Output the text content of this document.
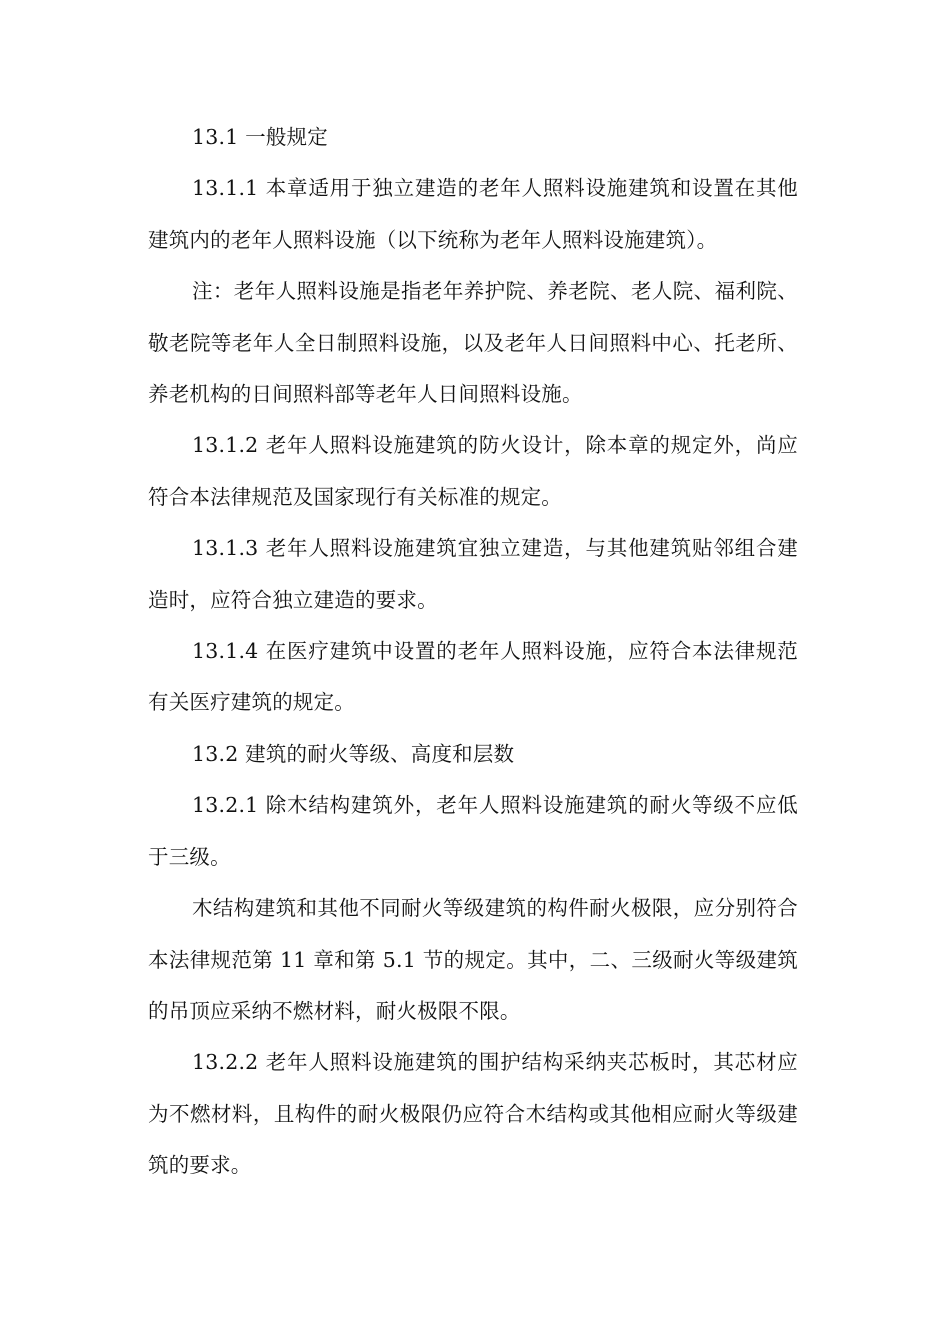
13.1 一般规定

13.1.1 本章适用于独立建造的老年人照料设施建筑和设置在其他建筑内的老年人照料设施（以下统称为老年人照料设施建筑）。

注：老年人照料设施是指老年养护院、养老院、老人院、福利院、敬老院等老年人全日制照料设施，以及老年人日间照料中心、托老所、养老机构的日间照料部等老年人日间照料设施。

13.1.2 老年人照料设施建筑的防火设计，除本章的规定外，尚应符合本法律规范及国家现行有关标准的规定。

13.1.3 老年人照料设施建筑宜独立建造，与其他建筑贴邻组合建造时，应符合独立建造的要求。

13.1.4 在医疗建筑中设置的老年人照料设施，应符合本法律规范有关医疗建筑的规定。

13.2 建筑的耐火等级、高度和层数

13.2.1 除木结构建筑外，老年人照料设施建筑的耐火等级不应低于三级。

木结构建筑和其他不同耐火等级建筑的构件耐火极限，应分别符合本法律规范第 11 章和第 5.1 节的规定。其中，二、三级耐火等级建筑的吊顶应采纳不燃材料，耐火极限不限。

13.2.2 老年人照料设施建筑的围护结构采纳夹芯板时，其芯材应为不燃材料，且构件的耐火极限仍应符合木结构或其他相应耐火等级建筑的要求。
